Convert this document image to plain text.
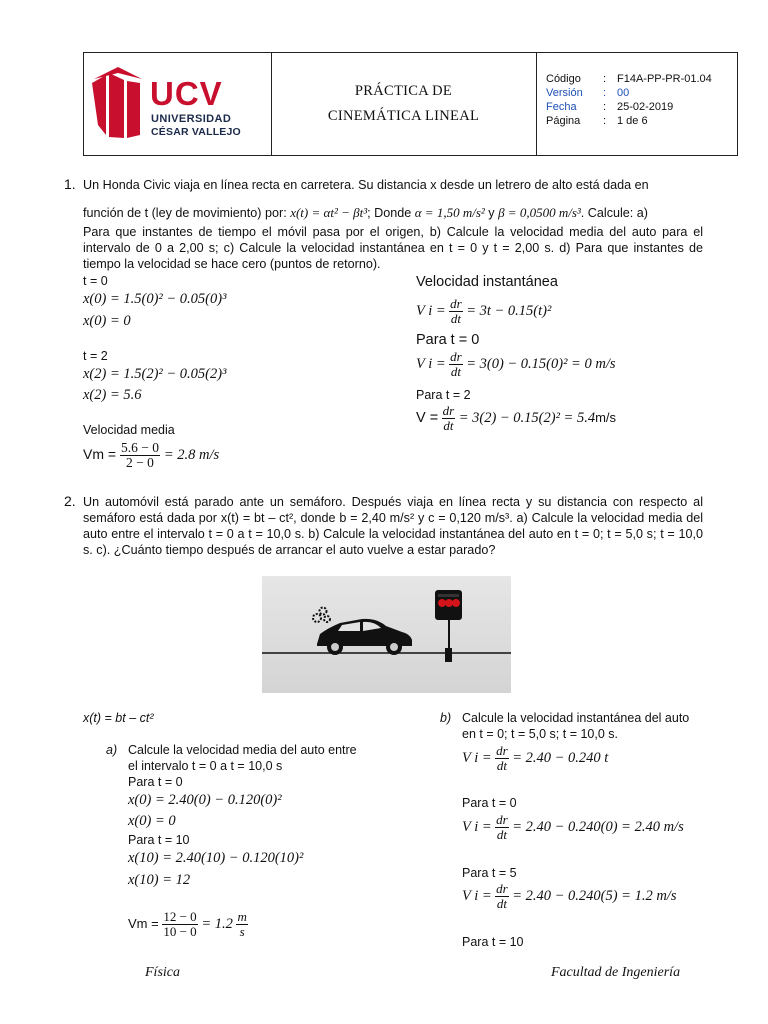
UCV
UNIVERSIDAD
CÉSAR VALLEJO
PRÁCTICA DE
CINEMÁTICA LINEAL
Código : F14A-PP-PR-01.04
Versión : 00
Fecha : 25-02-2019
Página : 1 de 6
1. Un Honda Civic viaja en línea recta en carretera. Su distancia x desde un letrero de alto está dada en
función de t (ley de movimiento) por: x(t) = αt² − βt³; Donde α = 1,50 m/s² y β = 0,0500 m/s³. Calcule: a)
Para que instantes de tiempo el móvil pasa por el origen, b) Calcule la velocidad media del auto para el intervalo de 0 a 2,00 s; c) Calcule la velocidad instantánea en t = 0 y t = 2,00 s. d) Para que instantes de tiempo la velocidad se hace cero (puntos de retorno).
t = 0
x(0) = 1.5(0)² − 0.05(0)³
x(0) = 0
t = 2
x(2) = 1.5(2)² − 0.05(2)³
x(2) = 5.6
Velocidad media
$Vm = \frac{5.6 - 0}{2 - 0} = 2.8$ m/s
Velocidad instantánea
V $i = \frac{dr}{dt} = 3t - 0.15(t)^2$
Para t = 0
V $i = \frac{dr}{dt} = 3(0) - 0.15(0)^2 = 0$ m/s
Para t = 2
$V = \frac{dr}{dt} = 3(2) - 0.15(2)^2 = 5.4m/s$
2. Un automóvil está parado ante un semáforo. Después viaja en línea recta y su distancia con respecto al semáforo está dada por x(t) = bt – ct², donde b = 2,40 m/s² y c = 0,120 m/s³. a) Calcule la velocidad media del auto entre el intervalo t = 0 a t = 10,0 s. b) Calcule la velocidad instantánea del auto en t = 0; t = 5,0 s; t = 10,0 s. c). ¿Cuánto tiempo después de arrancar el auto vuelve a estar parado?
x(t) = bt – ct²
a) Calcule la velocidad media del auto entre
el intervalo t = 0 a t = 10,0 s
Para t = 0
x(0) = 2.40(0) − 0.120(0)²
x(0) = 0
Para t = 10
x(10) = 2.40(10) − 0.120(10)²
x(10) = 12
$Vm = \frac{12 - 0}{10 - 0} = 1.2 \frac{m}{s}$
b) Calcule la velocidad instantánea del auto
en t = 0; t = 5,0 s; t = 10,0 s.
V $i = \frac{dr}{dt} = 2.40 - 0.240$ t
Para t = 0
V $i = \frac{dr}{dt} = 2.40 - 0.240(0) = 2.40$ m/s
Para t = 5
V $i = \frac{dr}{dt} = 2.40 - 0.240(5) = 1.2$ m/s
Para t = 10
Física	Facultad de Ingeniería
